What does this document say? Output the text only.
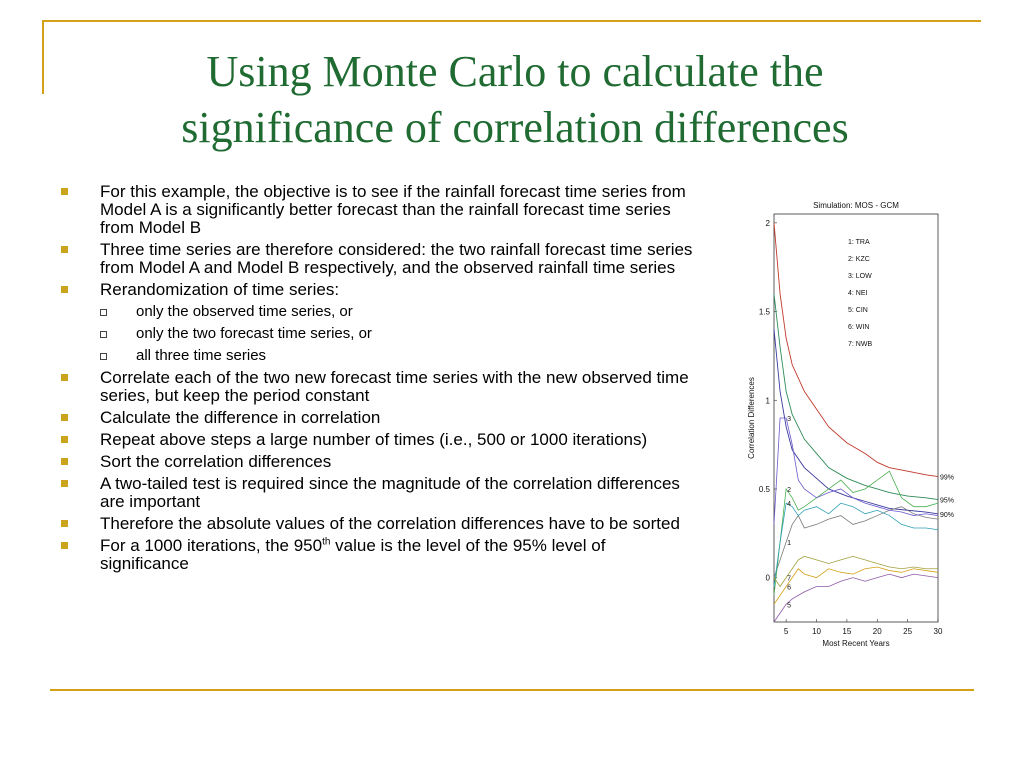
Using Monte Carlo to calculate the
significance of correlation differences
For this example, the objective is to see if the rainfall forecast time series from Model A is a significantly better forecast than the rainfall forecast time series from Model B
Three time series are therefore considered: the two rainfall forecast time series from Model A and Model B respectively, and the observed rainfall time series
Rerandomization of time series:
only the observed time series, or
only the two forecast time series, or
all three time series
Correlate each of the two new forecast time series with the new observed time series, but keep the period constant
Calculate the difference in correlation
Repeat above steps a large number of times (i.e., 500 or 1000 iterations)
Sort the correlation differences
A two-tailed test is required since the magnitude of the correlation differences are important
Therefore the absolute values of the correlation differences have to be sorted
For a 1000 iterations, the 950th value is the level of the 95% level of significance
Simulation: MOS - GCM
Most Recent Years
Correlation Differences
5	10	15	20	25	30
0
0.5
1
1.5
2
99%
95%
90%
1
2
3
4
5
6
7
1: TRA
2: KZC
3: LOW
4: NEI
5: CIN
6: WIN
7: NWB
